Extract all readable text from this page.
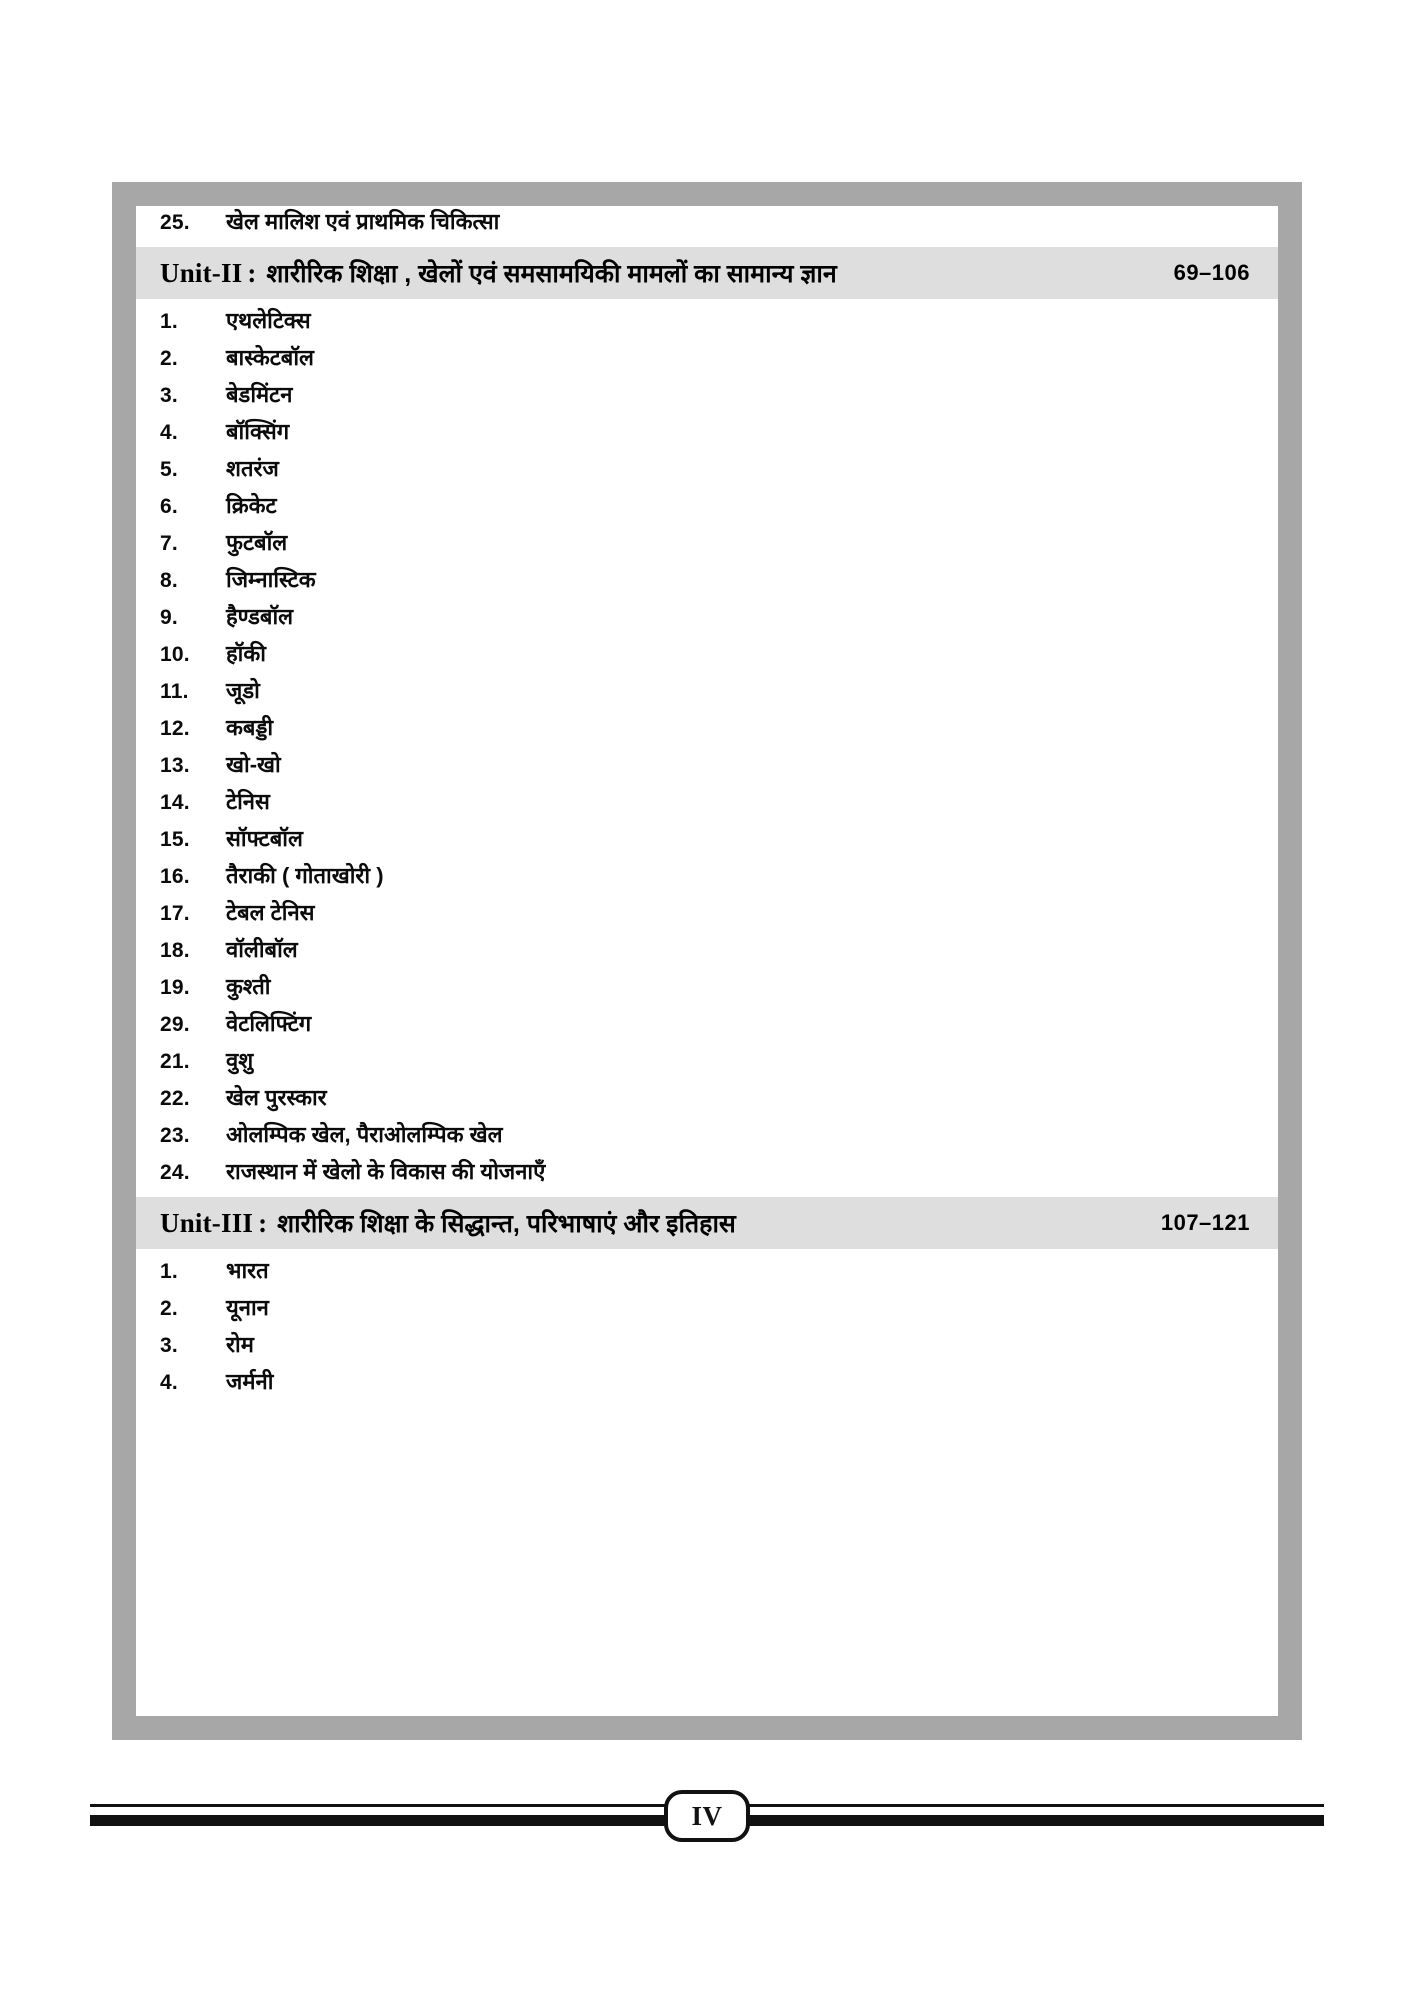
25.	खेल मालिश एवं प्राथमिक चिकित्सा
Unit-II : शारीरिक शिक्षा , खेलों एवं समसामयिकी मामलों का सामान्य ज्ञान	69–106
1.	एथलेटिक्स
2.	बास्केटबॉल
3.	बेडमिंटन
4.	बॉक्सिंग
5.	शतरंज
6.	क्रिकेट
7.	फुटबॉल
8.	जिम्नास्टिक
9.	हैण्डबॉल
10.	हॉकी
11.	जूडो
12.	कबड्डी
13.	खो-खो
14.	टेनिस
15.	सॉफ्टबॉल
16.	तैराकी ( गोताखोरी )
17.	टेबल टेनिस
18.	वॉलीबॉल
19.	कुश्ती
29.	वेटलिफ्टिंग
21.	वुशु
22.	खेल पुरस्कार
23.	ओलम्पिक खेल, पैराओलम्पिक खेल
24.	राजस्थान में खेलो के विकास की योजनाएँ
Unit-III : शारीरिक शिक्षा के सिद्धान्त, परिभाषाएं और इतिहास	107–121
1.	भारत
2.	यूनान
3.	रोम
4.	जर्मनी
IV
